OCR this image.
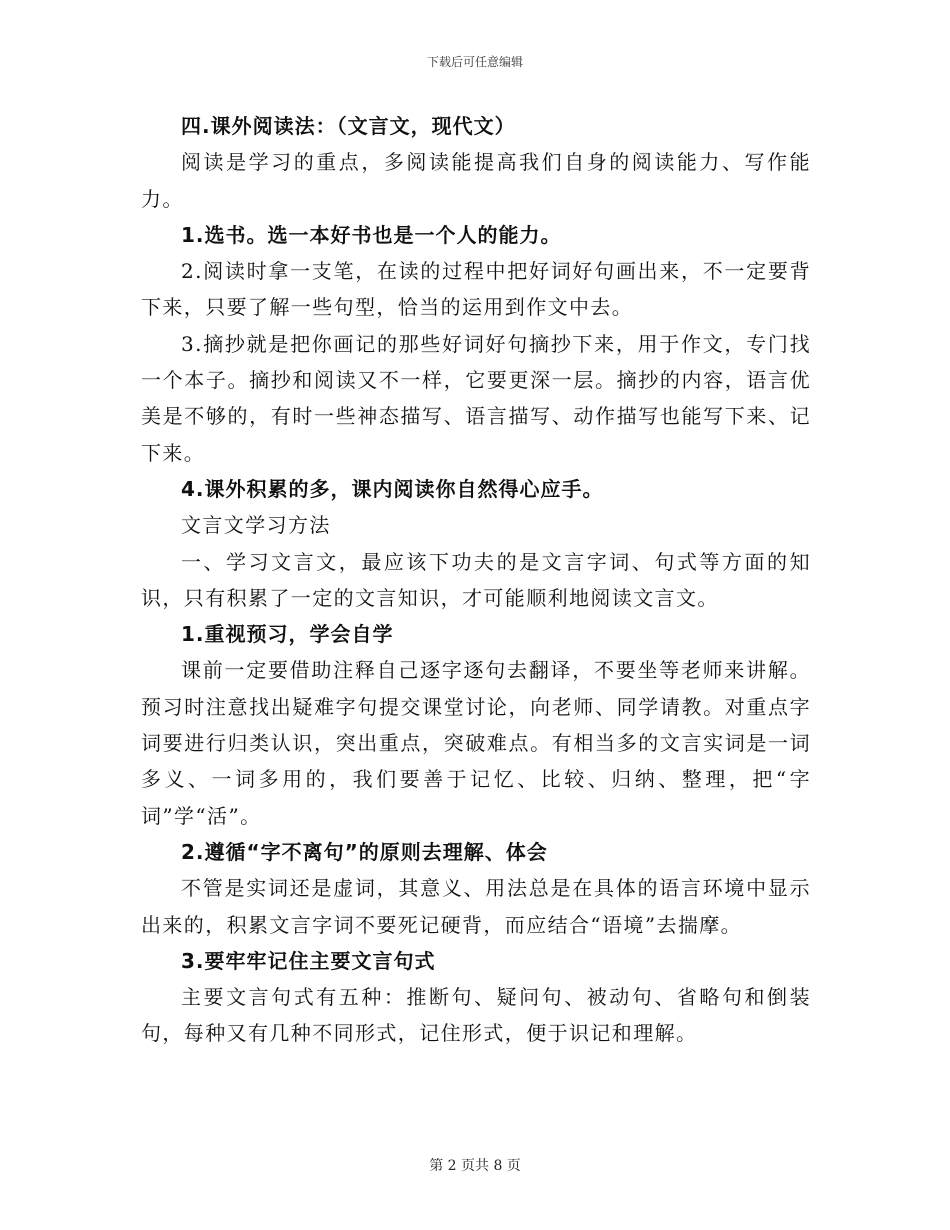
下载后可任意编辑

四.课外阅读法：（文言文，现代文）

阅读是学习的重点，多阅读能提高我们自身的阅读能力、写作能力。

1.选书。选一本好书也是一个人的能力。

2.阅读时拿一支笔，在读的过程中把好词好句画出来，不一定要背下来，只要了解一些句型，恰当的运用到作文中去。

3.摘抄就是把你画记的那些好词好句摘抄下来，用于作文，专门找一个本子。摘抄和阅读又不一样，它要更深一层。摘抄的内容，语言优美是不够的，有时一些神态描写、语言描写、动作描写也能写下来、记下来。

4.课外积累的多，课内阅读你自然得心应手。

文言文学习方法

一、学习文言文，最应该下功夫的是文言字词、句式等方面的知识，只有积累了一定的文言知识，才可能顺利地阅读文言文。

1.重视预习，学会自学

课前一定要借助注释自己逐字逐句去翻译，不要坐等老师来讲解。预习时注意找出疑难字句提交课堂讨论，向老师、同学请教。对重点字词要进行归类认识，突出重点，突破难点。有相当多的文言实词是一词多义、一词多用的，我们要善于记忆、比较、归纳、整理，把“字词”学“活”。

2.遵循“字不离句”的原则去理解、体会

不管是实词还是虚词，其意义、用法总是在具体的语言环境中显示出来的，积累文言字词不要死记硬背，而应结合“语境”去揣摩。

3.要牢牢记住主要文言句式

主要文言句式有五种：推断句、疑问句、被动句、省略句和倒装句，每种又有几种不同形式，记住形式，便于识记和理解。

第 2 页共 8 页
